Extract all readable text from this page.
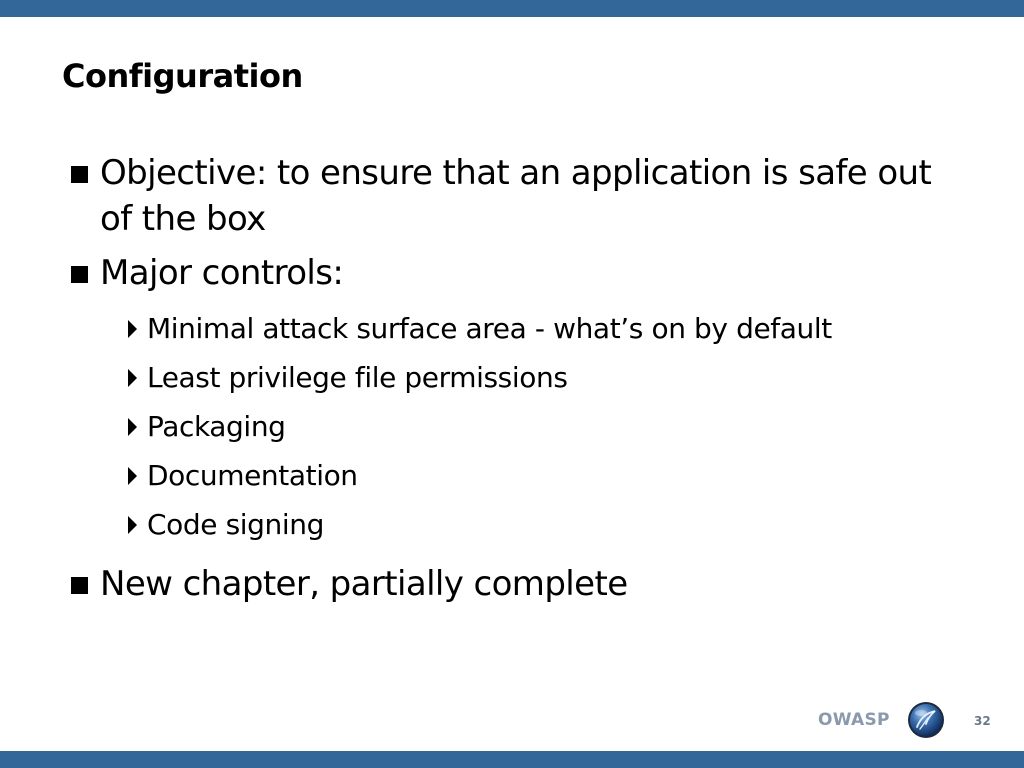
Configuration
Objective: to ensure that an application is safe out of the box
Major controls:
Minimal attack surface area - what’s on by default
Least privilege file permissions
Packaging
Documentation
Code signing
New chapter, partially complete
OWASP	32
